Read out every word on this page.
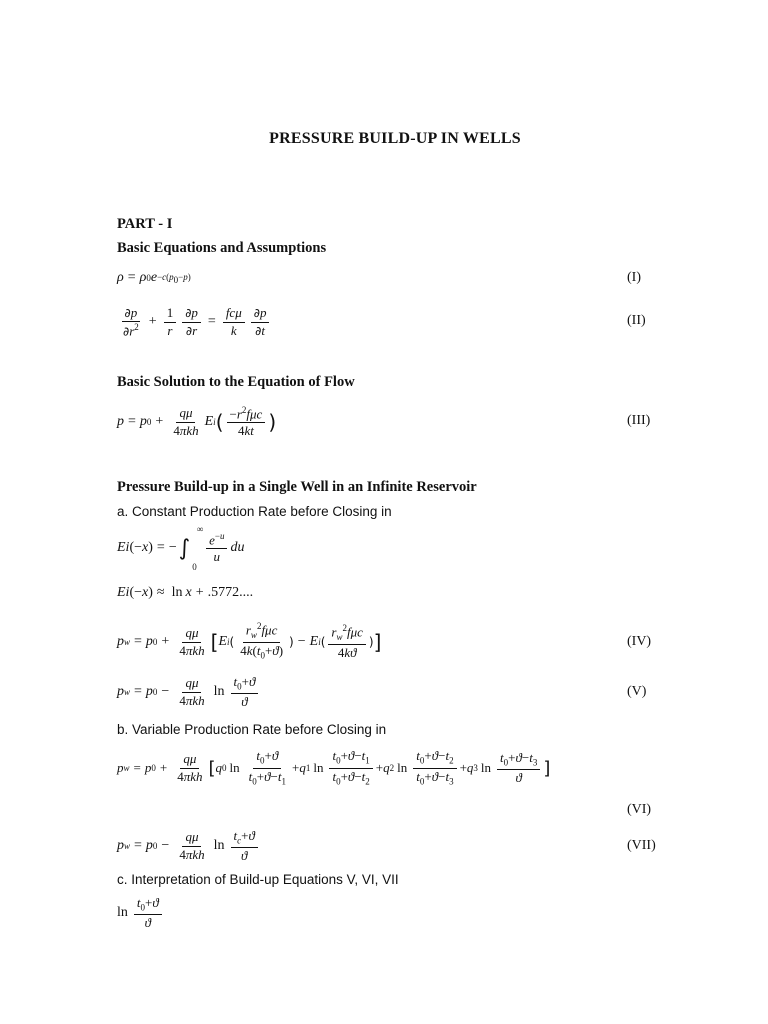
PRESSURE BUILD-UP IN WELLS
PART - I
Basic Equations and Assumptions
ρ = ρ 0 $e -c(p_0-p)$	(I)
$\frac{\partial p}{\partial r^2} + \frac{1}{r} \frac{\partial p}{\partial r} = \frac{\text{fcμ}}{k} \frac{\partial p}{\partial t}$	(II)
Basic Solution to the Equation of Flow
p = p $0 + \frac{q\mu}{\text{4πkh}}$ E i ( $\frac{-r^2f\mu c}{4kt}$ )	(III)
Pressure Build-up in a Single Well in an Infinite Reservoir
a. Constant Production Rate before Closing in
Ei (− x ) = − ∫
0
∞
$\frac{e^{-u}}{u}$ du
Ei (− x ) ≈ ln x + .5772....
p w = p $0 + \frac{q\mu}{\text{4πkh}}$ [ E i ( $\frac{r_w^2f\mu c}{4k(t_0+ϑ)}$ ) − E i ( $\frac{r_w^2f\mu c}{4kϑ}$ ) ]	(IV)
p w = p $0 - \frac{q\mu}{\text{4πkh}}$ $\ln \frac{t_0+ϑ}{ϑ}$	(V)
b. Variable Production Rate before Closing in
p w = p $0 + \frac{q\mu}{\text{4πkh}}$ [ q 0 $\ln \frac{t_0+ϑ}{t_0+ϑ-t_1} + q$ 1 $\ln \frac{t_0+ϑ-t_1}{t_0+ϑ-t_2} + q$ 2 $\ln \frac{t_0+ϑ-t_2}{t_0+ϑ-t_3} + q$ 3 $\ln \frac{t_0+ϑ-t_3}{ϑ}$ ]
(VI)
p w = p $0 - \frac{q\mu}{\text{4πkh}}$ $\ln \frac{t_c+ϑ}{ϑ}$	(VII)
c. Interpretation of Build-up Equations V, VI, VII
$\ln \frac{t_0+ϑ}{ϑ}$
